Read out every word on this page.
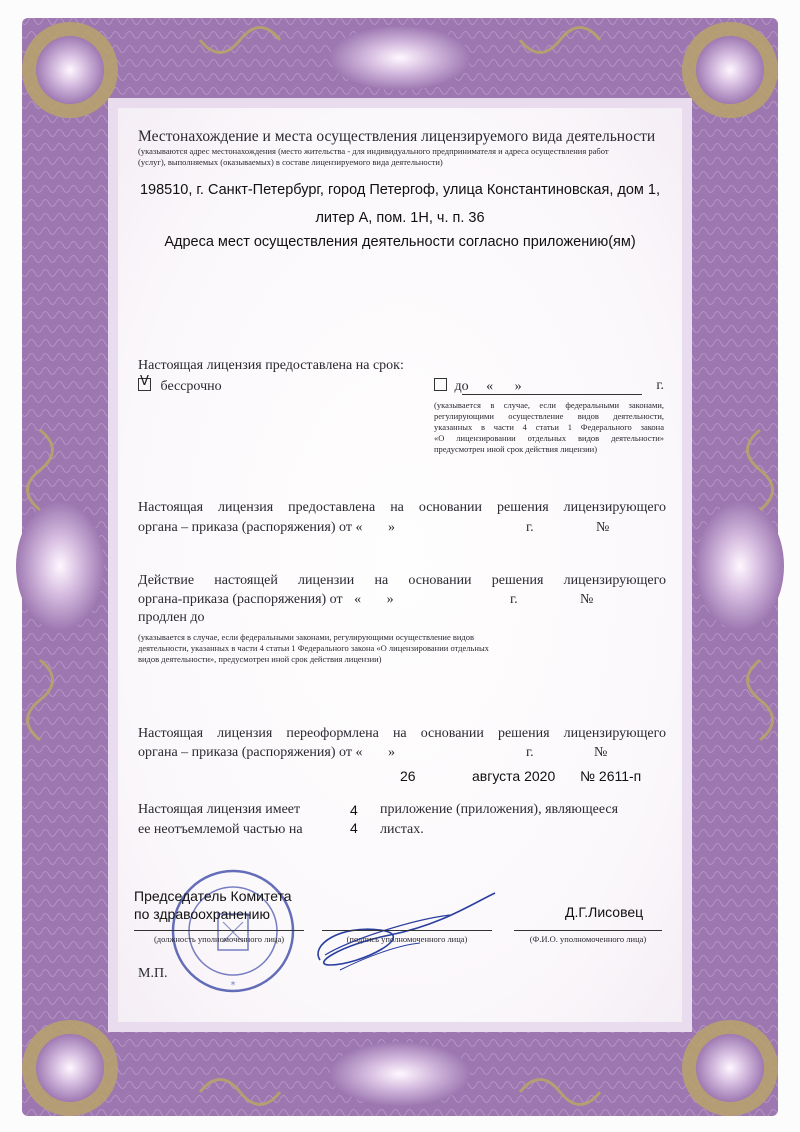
Местонахождение и места осуществления лицензируемого вида деятельности
(указываются адрес местонахождения (место жительства - для индивидуального предпринимателя и адреса осуществления работ
(услуг), выполняемых (оказываемых) в составе лицензируемого вида деятельности)
198510, г. Санкт-Петербург, город Петергоф, улица Константиновская, дом 1,
литер А, пом. 1Н, ч. п. 36
Адреса мест осуществления деятельности согласно приложению(ям)
Настоящая лицензия предоставлена на срок:
V бессрочно	до « »	г.
(указывается в случае, если федеральными законами,
регулирующими осуществление видов деятельности,
указанных в части 4 статьи 1 Федерального закона
«О лицензировании отдельных видов деятельности»
предусмотрен иной срок действия лицензии)
Настоящая лицензия предоставлена на основании решения лицензирующего
органа – приказа (распоряжения) от « »	г.	№
Действие настоящей лицензии на основании решения лицензирующего
органа-приказа (распоряжения) от « »	г.	№
продлен до
(указывается в случае, если федеральными законами, регулирующими осуществление видов
деятельности, указанных в части 4 статьи 1 Федерального закона «О лицензировании отдельных
видов деятельности», предусмотрен иной срок действия лицензии)
Настоящая лицензия переоформлена на основании решения лицензирующего
органа – приказа (распоряжения) от « »	г.	№
26	августа 2020 № 2611-п
Настоящая лицензия имеет	4 приложение (приложения), являющееся
ее неотъемлемой частью на	4 листах.
*
Председатель Комитета
по здравоохранению
(должность уполномоченного лица)	(подпись уполномоченного лица)
Д.Г.Лисовец
(Ф.И.О. уполномоченного лица)
М.П.
